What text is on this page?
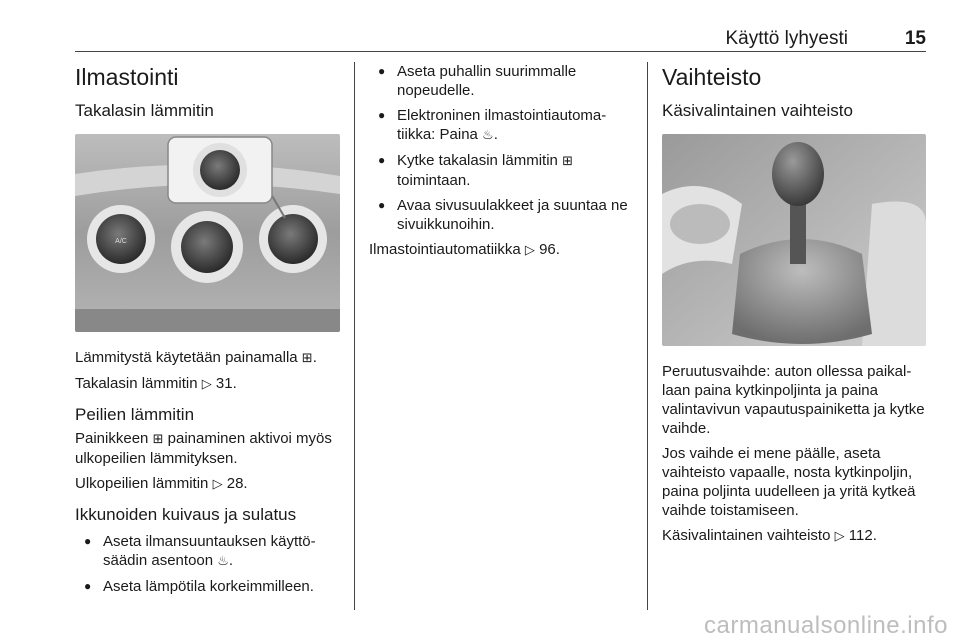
Käyttö lyhyesti	15
Ilmastointi
Takalasin lämmitin
A/C

Lämmitystä käytetään painamalla ⊞.

Takalasin lämmitin ▷ 31.

Peilien lämmitin

Painikkeen ⊞ painaminen aktivoi myös ulkopeilien lämmityksen.

Ulkopeilien lämmitin ▷ 28.

Ikkunoiden kuivaus ja sulatus
● Aseta ilmansuuntauksen käyttösäädin asentoon ♨.
● Aseta lämpötila korkeimmilleen.
● Aseta puhallin suurimmalle nopeudelle.
● Elektroninen ilmastointiautomatiikka: Paina ♨.
● Kytke takalasin lämmitin ⊞ toimintaan.
● Avaa sivusuulakkeet ja suuntaa ne sivuikkunoihin.

Ilmastointiautomatiikka ▷ 96.

Vaihteisto
Käsivalintainen vaihteisto

Peruutusvaihde: auton ollessa paikallaan paina kytkinpoljinta ja paina valintavivun vapautuspainiketta ja kytke vaihde.

Jos vaihde ei mene päälle, aseta vaihteisto vapaalle, nosta kytkinpoljin, paina poljinta uudelleen ja yritä kytkeä vaihde toistamiseen.

Käsivalintainen vaihteisto ▷ 112.

carmanualsonline.info
